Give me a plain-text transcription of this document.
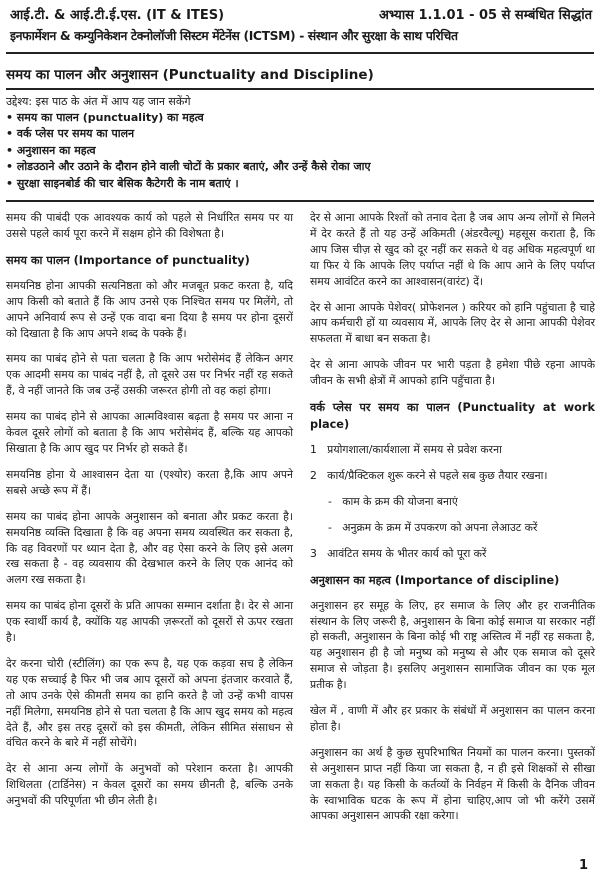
आई.टी. & आई.टी.ई.एस. (IT & ITES)	अभ्यास 1.1.01 - 05 से सम्बंधित सिद्धांत
इनफार्मेशन & कम्युनिकेशन टेक्नोलॉजी सिस्टम मेंटेनेंस (ICTSM) - संस्थान और सुरक्षा के साथ परिचित
समय का पालन और अनुशासन (Punctuality and Discipline)
उद्देश्य: इस पाठ के अंत में आप यह जान सकेंगे
• समय का पालन (punctuality) का महत्व
• वर्क प्लेस पर समय का पालन
• अनुशासन का महत्व
• लोडउठाने और उठाने के दौरान होने वाली चोटों के प्रकार बताएं, और उन्हें कैसे रोका जाए
• सुरक्षा साइनबोर्ड की चार बेसिक कैटेगरी के नाम बताएं ।

समय की पाबंदी एक आवश्यक कार्य को पहले से निर्धारित समय पर या उससे पहले कार्य पूरा करने में सक्षम होने की विशेषता है।

समय का पालन (Importance of punctuality)

समयनिष्ठ होना आपकी सत्यनिष्ठता को और मजबूत प्रकट करता है, यदि आप किसी को बताते हैं कि आप उनसे एक निश्चित समय पर मिलेंगे, तो आपने अनिवार्य रूप से उन्हें एक वादा बना दिया है समय पर होना दूसरों को दिखाता है कि आप अपने शब्द के पक्के हैं।

समय का पाबंद होने से पता चलता है कि आप भरोसेमंद हैं लेकिन अगर एक आदमी समय का पाबंद नहीं है, तो दूसरे उस पर निर्भर नहीं रह सकते हैं, वे नहीं जानते कि जब उन्हें उसकी जरूरत होगी तो वह कहां होगा।

समय का पाबंद होने से आपका आत्मविश्वास बढ़ता है समय पर आना न केवल दूसरे लोगों को बताता है कि आप भरोसेमंद हैं, बल्कि यह आपको सिखाता है कि आप खुद पर निर्भर हो सकते हैं।

समयनिष्ठ होना ये आश्वासन देता या (एश्योर) करता है,कि आप अपने सबसे अच्छे रूप में हैं।

समय का पाबंद होना आपके अनुशासन को बनाता और प्रकट करता है। समयनिष्ठ व्यक्ति दिखाता है कि वह अपना समय व्यवस्थित कर सकता है, कि वह विवरणों पर ध्यान देता है, और वह ऐसा करने के लिए इसे अलग रख सकता है - वह व्यवसाय की देखभाल करने के लिए एक आनंद को अलग रख सकता है।

समय का पाबंद होना दूसरों के प्रति आपका सम्मान दर्शाता है। देर से आना एक स्वार्थी कार्य है, क्योंकि यह आपकी ज़रूरतों को दूसरों से ऊपर रखता है।

देर करना चोरी (स्टीलिंग) का एक रूप है, यह एक कड़वा सच है लेकिन यह एक सच्चाई है फिर भी जब आप दूसरों को अपना इंतजार करवाते हैं, तो आप उनके ऐसे कीमती समय का हानि करते है जो उन्हें कभी वापस नहीं मिलेगा, समयनिष्ठ होने से पता चलता है कि आप खुद समय को महत्व देते हैं, और इस तरह दूसरों को इस कीमती, लेकिन सीमित संसाधन से वंचित करने के बारे में नहीं सोचेंगे।

देर से आना अन्य लोगों के अनुभवों को परेशान करता है। आपकी शिथिलता (टार्डिनेस) न केवल दूसरों का समय छीनती है, बल्कि उनके अनुभवों की परिपूर्णता भी छीन लेती है।

देर से आना आपके रिश्तों को तनाव देता है जब आप अन्य लोगों से मिलने में देर करते हैं तो यह उन्हें अकिमती (अंडरवैल्यू) महसूस कराता है, कि आप जिस चीज़ से खुद को दूर नहीं कर सकते थे वह अधिक महत्वपूर्ण था या फिर ये कि आपके लिए पर्याप्त नहीं थे कि आप आने के लिए पर्याप्त समय आवंटित करने का आश्वासन(वारंट) दें।

देर से आना आपके पेशेवर( प्रोफेशनल ) करियर को हानि पहुंचाता है चाहे आप कर्मचारी हों या व्यवसाय में, आपके लिए देर से आना आपकी पेशेवर सफलता में बाधा बन सकता है।

देर से आना आपके जीवन पर भारी पड़ता है हमेशा पीछे रहना आपके जीवन के सभी क्षेत्रों में आपको हानि पहुँचाता है।

वर्क प्लेस पर समय का पालन (Punctuality at work place)

1 प्रयोगशाला/कार्यशाला में समय से प्रवेश करना

2 कार्य/प्रैक्टिकल शुरू करने से पहले सब कुछ तैयार रखना।

-   काम के क्रम की योजना बनाएं

-   अनुक्रम के क्रम में उपकरण को अपना लेआउट करें

3 आवंटित समय के भीतर कार्य को पूरा करें

अनुशासन का महत्व (Importance of discipline)

अनुशासन हर समूह के लिए, हर समाज के लिए और हर राजनीतिक संस्थान के लिए जरूरी है, अनुशासन के बिना कोई समाज या सरकार नहीं हो सकती, अनुशासन के बिना कोई भी राष्ट्र अस्तित्व में नहीं रह सकता है, यह अनुशासन ही है जो मनुष्य को मनुष्य से और एक समाज को दूसरे समाज से जोड़ता है। इसलिए अनुशासन सामाजिक जीवन का एक मूल प्रतीक है।

खेल में , वाणी में और हर प्रकार के संबंधों में अनुशासन का पालन करना होता है।

अनुशासन का अर्थ है कुछ सुपरिभाषित नियमों का पालन करना। पुस्तकों से अनुशासन प्राप्त नहीं किया जा सकता है, न ही इसे शिक्षकों से सीखा जा सकता है। यह किसी के कर्तव्यों के निर्वहन में किसी के दैनिक जीवन के स्वाभाविक घटक के रूप में होना चाहिए,आप जो भी करेंगे उसमें आपका अनुशासन आपकी रक्षा करेगा।

1
